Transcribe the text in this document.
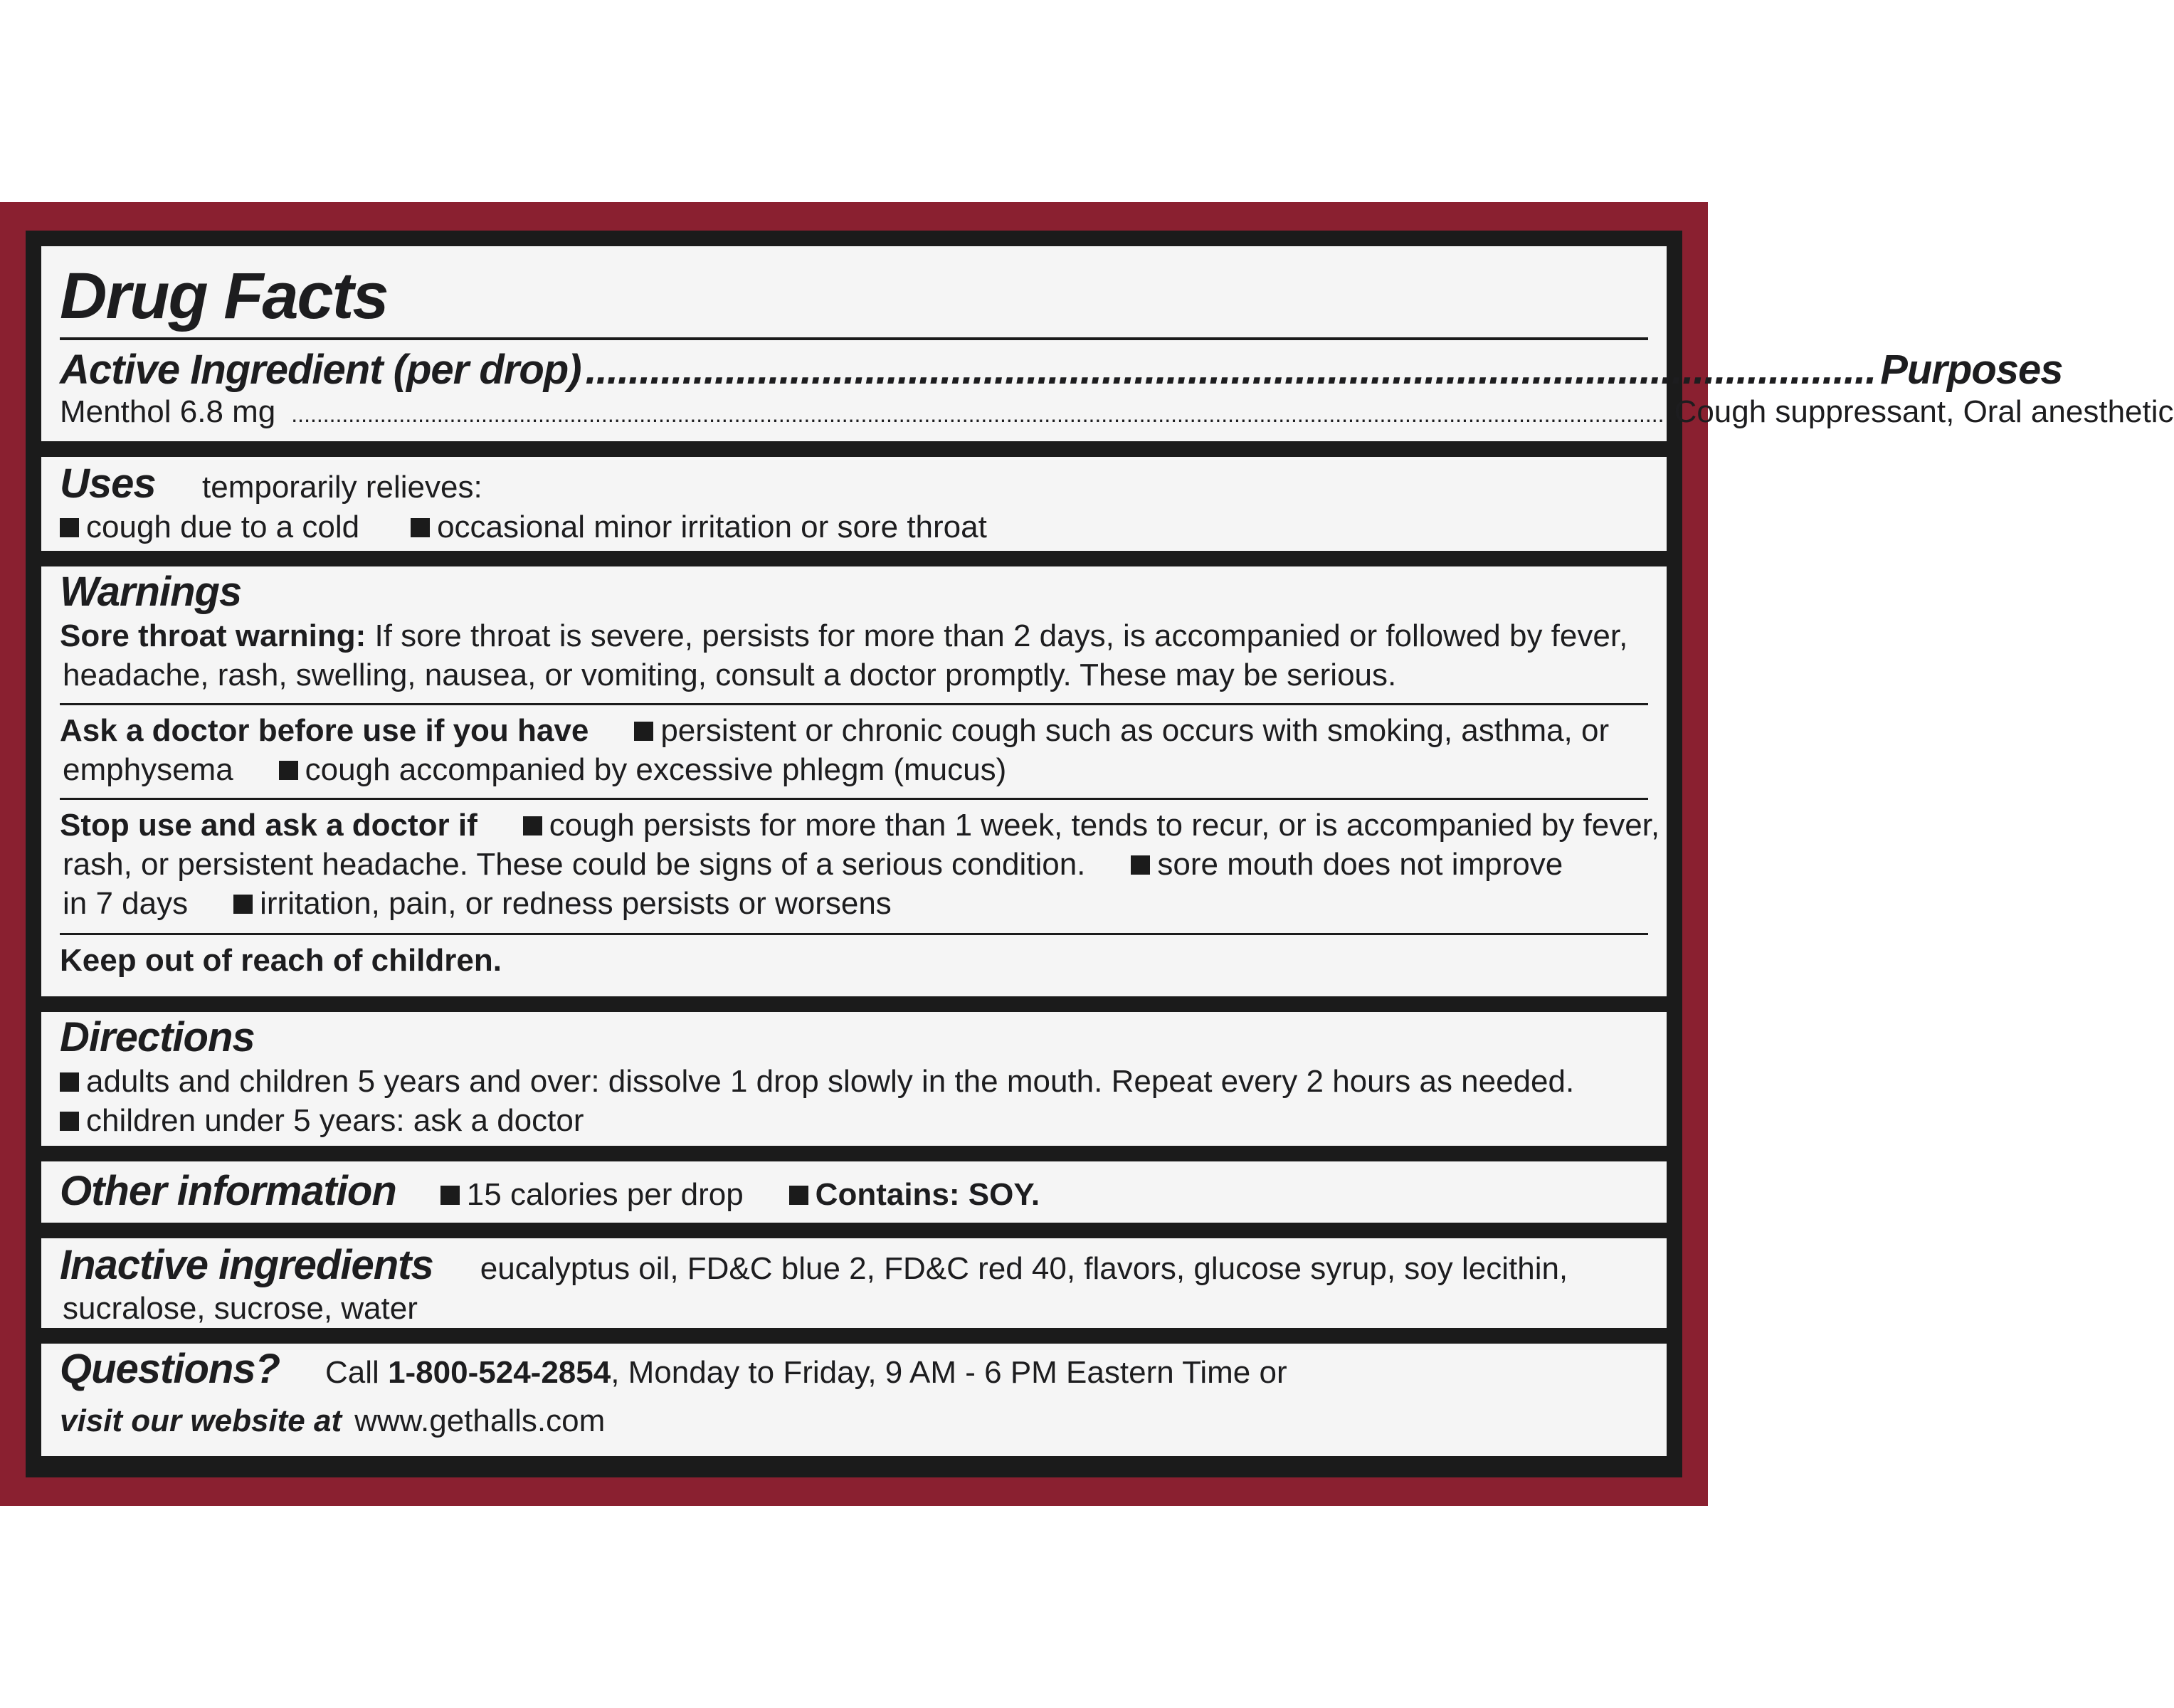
Drug Facts
Active Ingredient (per drop) ........................................................................................................................ Purposes
Menthol 6.8 mg ......................................................................................................................................................................................................................... Cough suppressant, Oral anesthetic
Uses	temporarily relieves:
cough due to a cold	occasional minor irritation or sore throat
Warnings
Sore throat warning:
If sore throat is severe, persists for more than 2 days, is accompanied or followed by fever,
headache, rash, swelling, nausea, or vomiting, consult a doctor promptly. These may be serious.
Ask a doctor before use if you have	persistent or chronic cough such as occurs with smoking, asthma, or
emphysema	cough accompanied by excessive phlegm (mucus)
Stop use and ask a doctor if	cough persists for more than 1 week, tends to recur, or is accompanied by fever,
rash, or persistent headache. These could be signs of a serious condition.	sore mouth does not improve
in 7 days	irritation, pain, or redness persists or worsens
Keep out of reach of children.
Directions
adults and children 5 years and over: dissolve 1 drop slowly in the mouth. Repeat every 2 hours as needed.
children under 5 years: ask a doctor
Other information	15 calories per drop	Contains: SOY.
Inactive ingredients eucalyptus oil, FD&C blue 2, FD&C red 40, flavors, glucose syrup, soy lecithin,
sucralose, sucrose, water
Questions? Call 1-800-524-2854, Monday to Friday, 9 AM - 6 PM Eastern Time or
visit our website at www.gethalls.com
